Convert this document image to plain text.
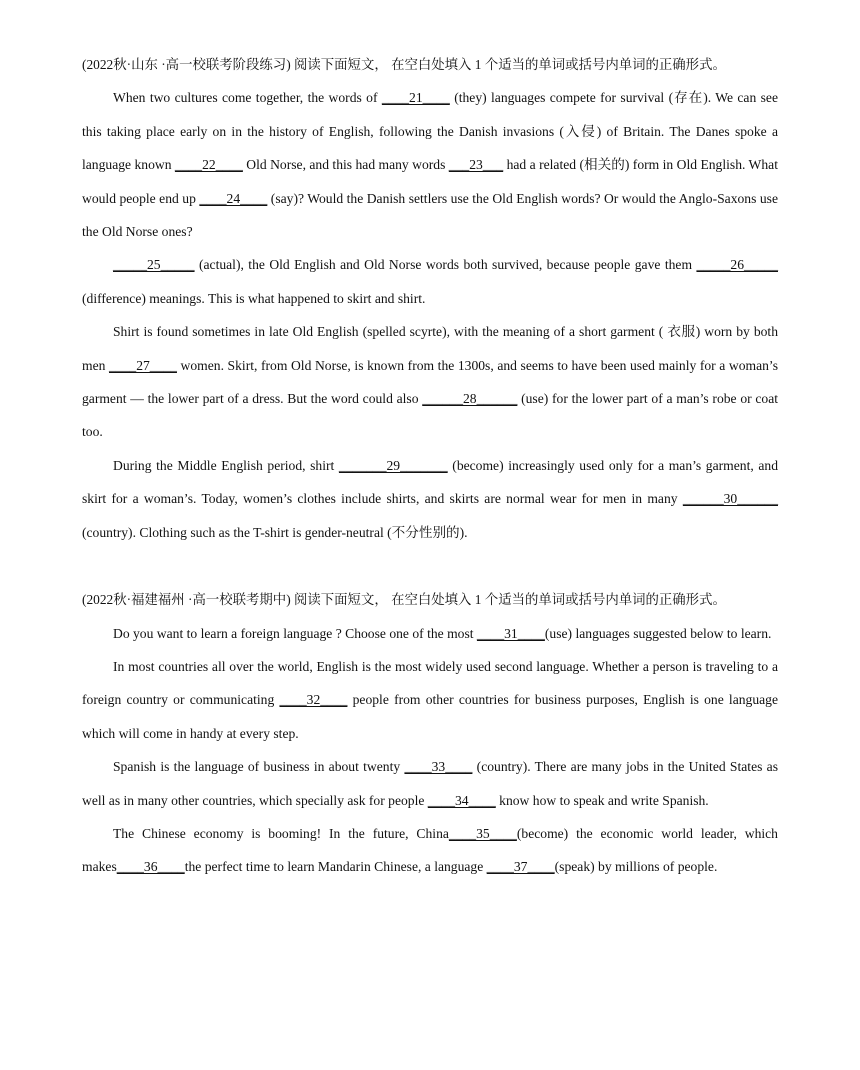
(2022秋·山东 ·高一校联考阶段练习) 阅读下面短文， 在空白处填入 1 个适当的单词或括号内单词的正确形式。

When two cultures come together, the words of ____21____ (they) languages compete for survival (存在). We can see this taking place early on in the history of English, following the Danish invasions (入侵) of Britain. The Danes spoke a language known ____22____ Old Norse, and this had many words ___23___ had a related (相关的) form in Old English. What would people end up ____24____ (say)? Would the Danish settlers use the Old English words? Or would the Anglo-Saxons use the Old Norse ones?

_____25_____ (actual), the Old English and Old Norse words both survived, because people gave them _____26_____ (difference) meanings. This is what happened to skirt and shirt.

Shirt is found sometimes in late Old English (spelled scyrte), with the meaning of a short garment ( 衣服) worn by both men ____27____ women. Skirt, from Old Norse, is known from the 1300s, and seems to have been used mainly for a woman’s garment — the lower part of a dress. But the word could also ______28______ (use) for the lower part of a man’s robe or coat too.

During the Middle English period, shirt _______29_______ (become) increasingly used only for a man’s garment, and skirt for a woman’s. Today, women’s clothes include shirts, and skirts are normal wear for men in many ______30______ (country). Clothing such as the T-shirt is gender-neutral (不分性别的).

(2022秋·福建福州 ·高一校联考期中) 阅读下面短文， 在空白处填入 1 个适当的单词或括号内单词的正确形式。

Do you want to learn a foreign language ? Choose one of the most ____31____(use) languages suggested below to learn.

In most countries all over the world, English is the most widely used second language. Whether a person is traveling to a foreign country or communicating ____32____ people from other countries for business purposes, English is one language which will come in handy at every step.

Spanish is the language of business in about twenty ____33____ (country). There are many jobs in the United States as well as in many other countries, which specially ask for people ____34____ know how to speak and write Spanish.

The Chinese economy is booming! In the future, China____35____(become) the economic world leader, which makes____36____the perfect time to learn Mandarin Chinese, a language ____37____(speak) by millions of people.
